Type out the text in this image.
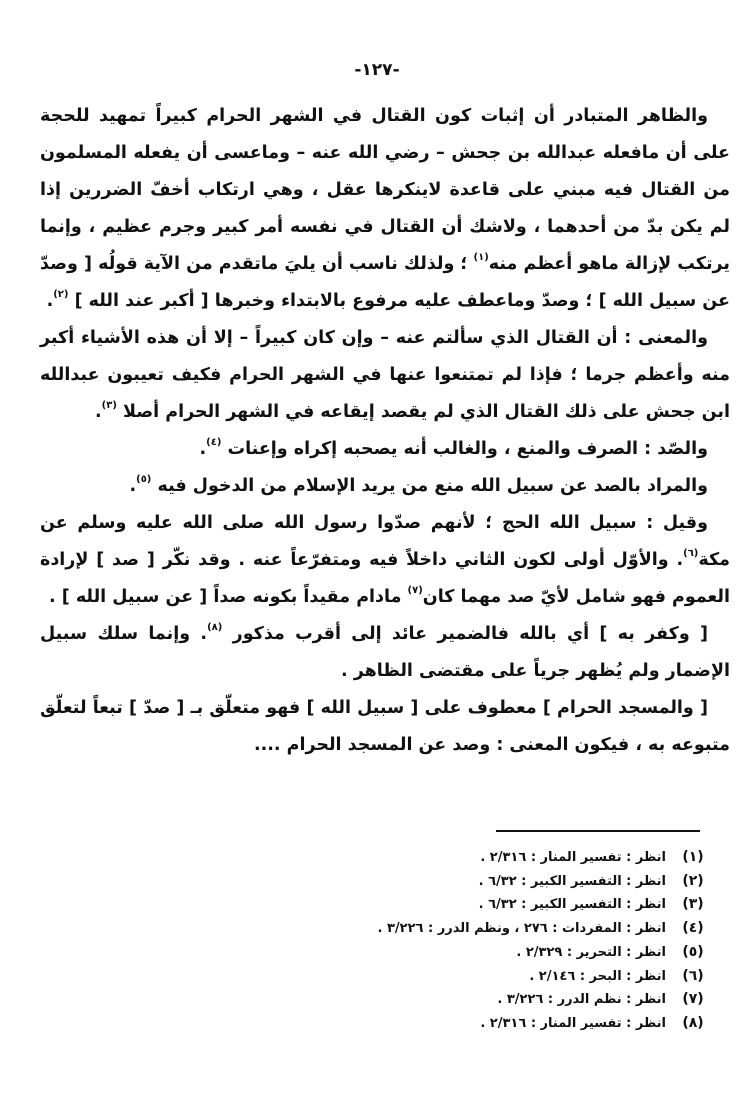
-١٢٧-

والظاهر المتبادر أن إثبات كون القتال في الشهر الحرام كبيراً تمهيد للحجة على أن مافعله عبدالله بن جحش – رضي الله عنه – وماعسى أن يفعله المسلمون من القتال فيه مبني على قاعدة لاينكرها عقل ، وهي ارتكاب أخفّ الضررين إذا لم يكن بدّ من أحدهما ، ولاشك أن القتال في نفسه أمر كبير وجرم عظيم ، وإنما يرتكب لإزالة ماهو أعظم منه$^{(١)}$ ؛ ولذلك ناسب أن يليَ ماتقدم من الآية قولُه [ وصدّ عن سبيل الله ] ؛ وصدّ وماعطف عليه مرفوع بالابتداء وخبرها [ أكبر عند الله ] $^{(٢)}$.

والمعنى : أن القتال الذي سألتم عنه – وإن كان كبيراً – إلا أن هذه الأشياء أكبر منه وأعظم جرما ؛ فإذا لم تمتنعوا عنها في الشهر الحرام فكيف تعيبون عبدالله ابن جحش على ذلك القتال الذي لم يقصد إيقاعه في الشهر الحرام أصلا $^{(٣)}$.

والصّد : الصرف والمنع ، والغالب أنه يصحبه إكراه وإعنات $^{(٤)}$.

والمراد بالصد عن سبيل الله منع من يريد الإسلام من الدخول فيه $^{(٥)}$.

وقيل : سبيل الله الحج ؛ لأنهم صدّوا رسول الله صلى الله عليه وسلم عن مكة$^{(٦)}$. والأوّل أولى لكون الثاني داخلاً فيه ومتفرّعاً عنه . وقد نكّر [ صد ] لإرادة العموم فهو شامل لأيّ صد مهما كان$^{(٧)}$ مادام مقيداً بكونه صداً [ عن سبيل الله ] .

[ وكفر به ] أي بالله فالضمير عائد إلى أقرب مذكور $^{(٨)}$. وإنما سلك سبيل الإضمار ولم يُظهر جرياً على مقتضى الظاهر .

[ والمسجد الحرام ] معطوف على [ سبيل الله ] فهو متعلّق بـ [ صدّ ] تبعاً لتعلّق متبوعه به ، فيكون المعنى : وصد عن المسجد الحرام ....

(١)
انظر : تفسير المنار : ٢/٣١٦ .
(٢)
انظر : التفسير الكبير : ٦/٣٢ .
(٣)
انظر : التفسير الكبير : ٦/٣٢ .
(٤)
انظر : المفردات : ٢٧٦ ، ونظم الدرر : ٣/٢٢٦ .
(٥)
انظر : التحرير : ٢/٣٢٩ .
(٦)
انظر : البحر : ٢/١٤٦ .
(٧)
انظر : نظم الدرر : ٣/٢٢٦ .
(٨)
انظر : تفسير المنار : ٢/٣١٦ .
